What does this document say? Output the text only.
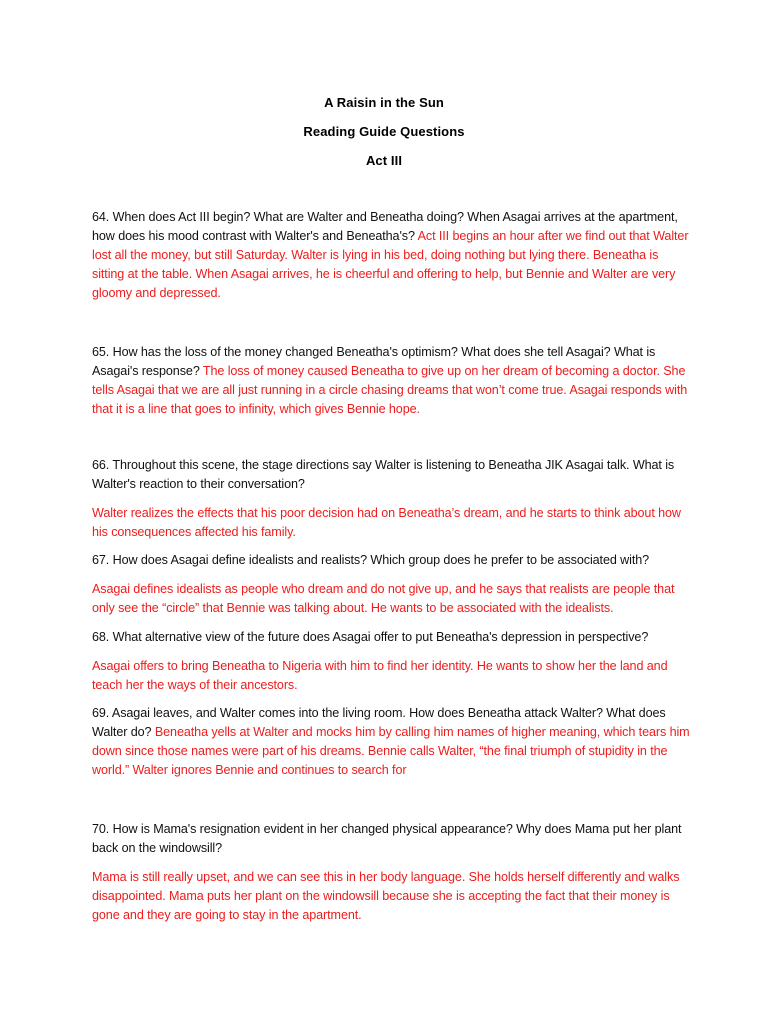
A Raisin in the Sun
Reading Guide Questions
Act III
64. When does Act III begin? What are Walter and Beneatha doing? When Asagai arrives at the apartment, how does his mood contrast with Walter's and Beneatha's? Act III begins an hour after we find out that Walter lost all the money, but still Saturday. Walter is lying in his bed, doing nothing but lying there. Beneatha is sitting at the table. When Asagai arrives, he is cheerful and offering to help, but Bennie and Walter are very gloomy and depressed.
65. How has the loss of the money changed Beneatha's optimism? What does she tell Asagai? What is Asagai's response? The loss of money caused Beneatha to give up on her dream of becoming a doctor. She tells Asagai that we are all just running in a circle chasing dreams that won’t come true. Asagai responds with that it is a line that goes to infinity, which gives Bennie hope.
66. Throughout this scene, the stage directions say Walter is listening to Beneatha JIK Asagai talk. What is Walter's reaction to their conversation?
Walter realizes the effects that his poor decision had on Beneatha’s dream, and he starts to think about how his consequences affected his family.
67. How does Asagai define idealists and realists? Which group does he prefer to be associated with?
Asagai defines idealists as people who dream and do not give up, and he says that realists are people that only see the “circle” that Bennie was talking about. He wants to be associated with the idealists.
68. What alternative view of the future does Asagai offer to put Beneatha's depression in perspective?
Asagai offers to bring Beneatha to Nigeria with him to find her identity. He wants to show her the land and teach her the ways of their ancestors.
69. Asagai leaves, and Walter comes into the living room. How does Beneatha attack Walter? What does Walter do? Beneatha yells at Walter and mocks him by calling him names of higher meaning, which tears him down since those names were part of his dreams. Bennie calls Walter, “the final triumph of stupidity in the world.” Walter ignores Bennie and continues to search for
70. How is Mama's resignation evident in her changed physical appearance? Why does Mama put her plant back on the windowsill?
Mama is still really upset, and we can see this in her body language. She holds herself differently and walks disappointed. Mama puts her plant on the windowsill because she is accepting the fact that their money is gone and they are going to stay in the apartment.
